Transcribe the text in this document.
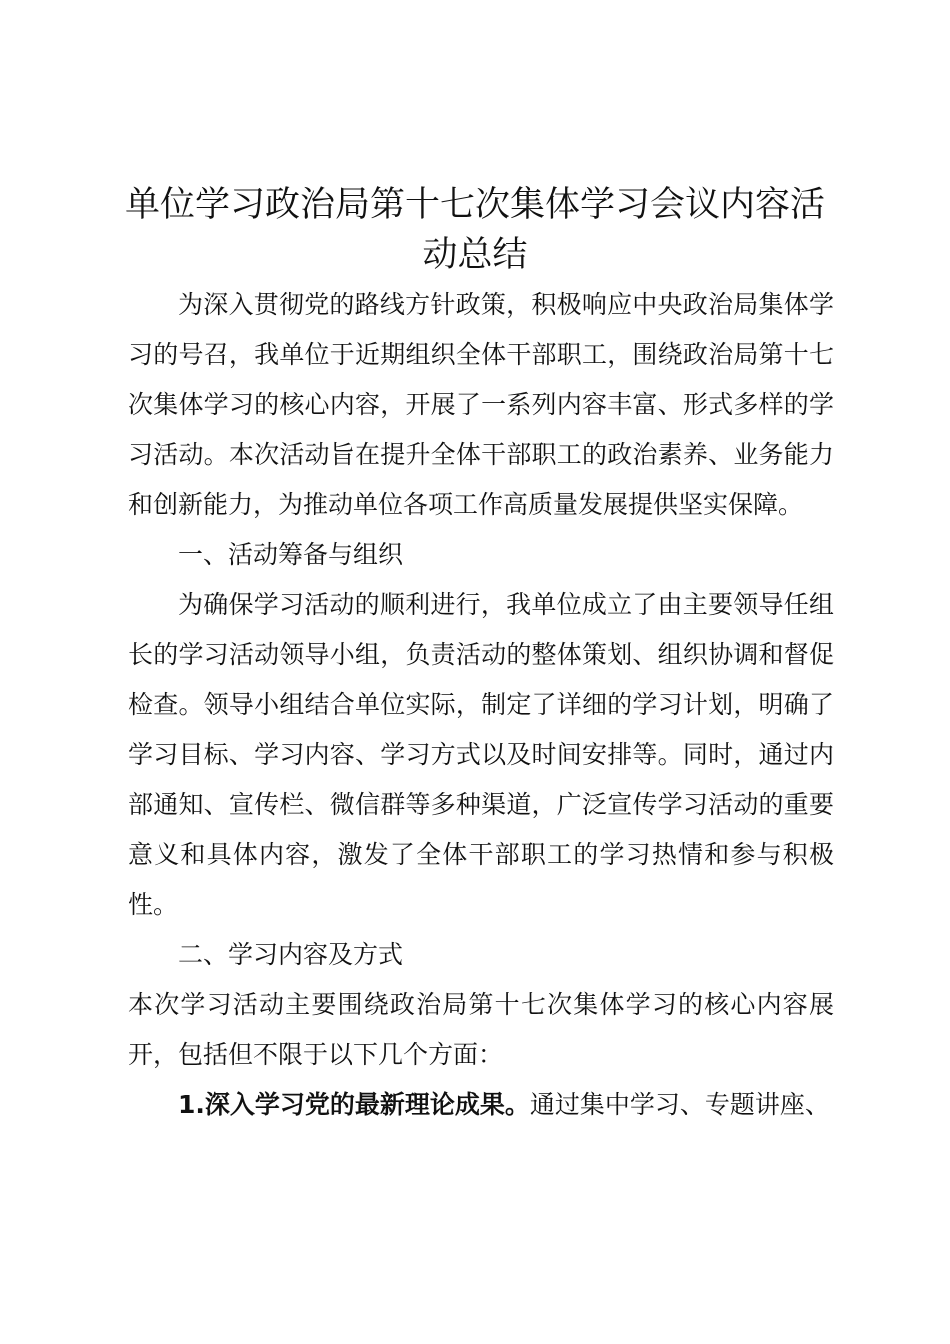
单位学习政治局第十七次集体学习会议内容活动总结

为深入贯彻党的路线方针政策，积极响应中央政治局集体学习的号召，我单位于近期组织全体干部职工，围绕政治局第十七次集体学习的核心内容，开展了一系列内容丰富、形式多样的学习活动。本次活动旨在提升全体干部职工的政治素养、业务能力和创新能力，为推动单位各项工作高质量发展提供坚实保障。

一、活动筹备与组织

为确保学习活动的顺利进行，我单位成立了由主要领导任组长的学习活动领导小组，负责活动的整体策划、组织协调和督促检查。领导小组结合单位实际，制定了详细的学习计划，明确了学习目标、学习内容、学习方式以及时间安排等。同时，通过内部通知、宣传栏、微信群等多种渠道，广泛宣传学习活动的重要意义和具体内容，激发了全体干部职工的学习热情和参与积极性。

二、学习内容及方式

本次学习活动主要围绕政治局第十七次集体学习的核心内容展开，包括但不限于以下几个方面：

1.深入学习党的最新理论成果。通过集中学习、专题讲座、
